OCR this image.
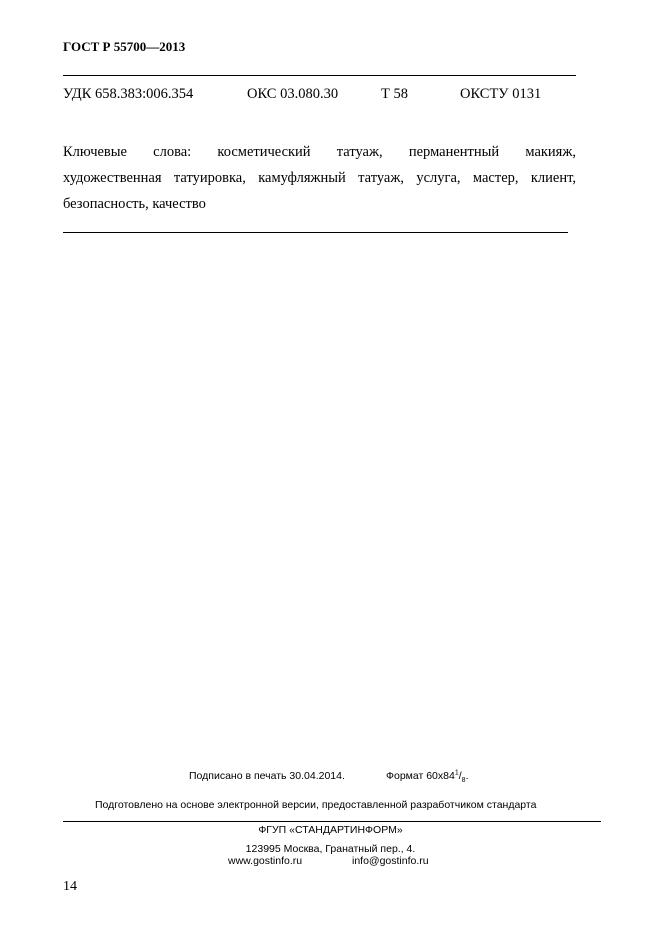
ГОСТ Р 55700—2013
УДК 658.383:006.354	ОКС 03.080.30	Т 58	ОКСТУ 0131
Ключевые слова: косметический татуаж, перманентный макияж,
художественная татуировка, камуфляжный татуаж, услуга, мастер, клиент,
безопасность, качество
Подписано в печать 30.04.2014.	Формат $60x84^1/_8$.
Подготовлено на основе электронной версии, предоставленной разработчиком стандарта
ФГУП «СТАНДАРТИНФОРМ»
123995 Москва, Гранатный пер., 4.
www.gostinfo.ru	info@gostinfo.ru
14
